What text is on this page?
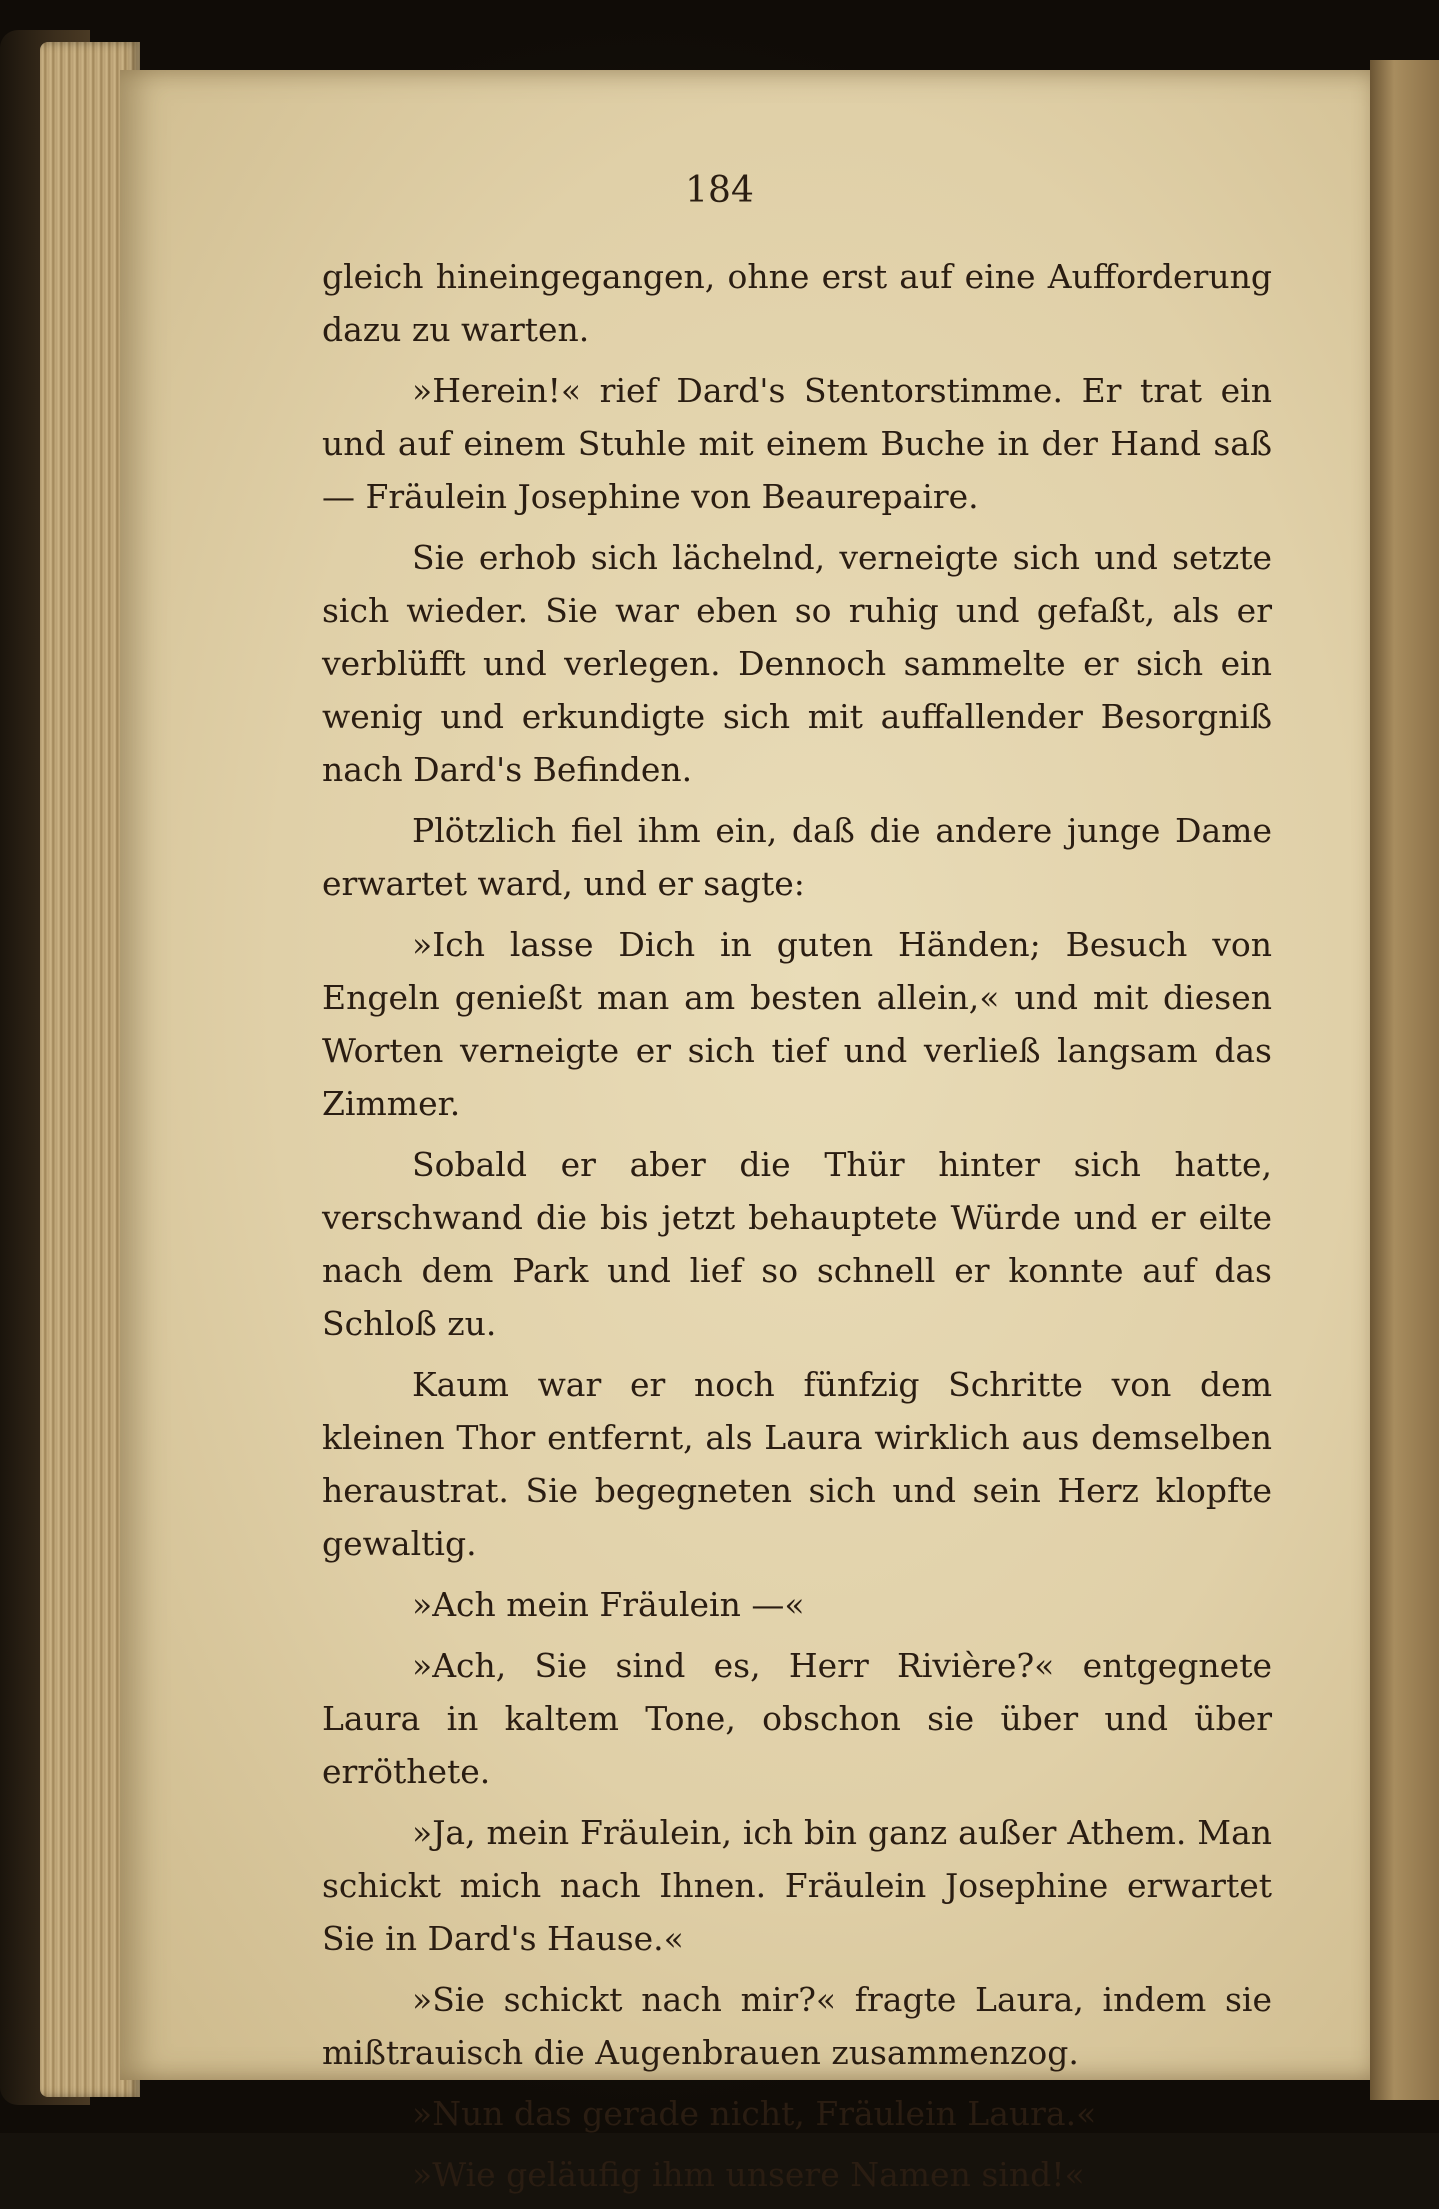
184

gleich hineingegangen, ohne erst auf eine Aufforderung dazu zu warten.

»Herein!« rief Dard's Stentorstimme. Er trat ein und auf einem Stuhle mit einem Buche in der Hand saß — Fräulein Josephine von Beaurepaire.

Sie erhob sich lächelnd, verneigte sich und setzte sich wieder. Sie war eben so ruhig und gefaßt, als er verblüfft und verlegen. Dennoch sammelte er sich ein wenig und erkundigte sich mit auffallender Besorgniß nach Dard's Befinden.

Plötzlich fiel ihm ein, daß die andere junge Dame erwartet ward, und er sagte:

»Ich lasse Dich in guten Händen; Besuch von Engeln genießt man am besten allein,« und mit diesen Worten verneigte er sich tief und verließ langsam das Zimmer.

Sobald er aber die Thür hinter sich hatte, verschwand die bis jetzt behauptete Würde und er eilte nach dem Park und lief so schnell er konnte auf das Schloß zu.

Kaum war er noch fünfzig Schritte von dem kleinen Thor entfernt, als Laura wirklich aus demselben heraustrat. Sie begegneten sich und sein Herz klopfte gewaltig.

»Ach mein Fräulein —«

»Ach, Sie sind es, Herr Rivière?« entgegnete Laura in kaltem Tone, obschon sie über und über erröthete.

»Ja, mein Fräulein, ich bin ganz außer Athem. Man schickt mich nach Ihnen. Fräulein Josephine erwartet Sie in Dard's Hause.«

»Sie schickt nach mir?« fragte Laura, indem sie mißtrauisch die Augenbrauen zusammenzog.

»Nun das gerade nicht, Fräulein Laura.«

»Wie geläufig ihm unsere Namen sind!«
